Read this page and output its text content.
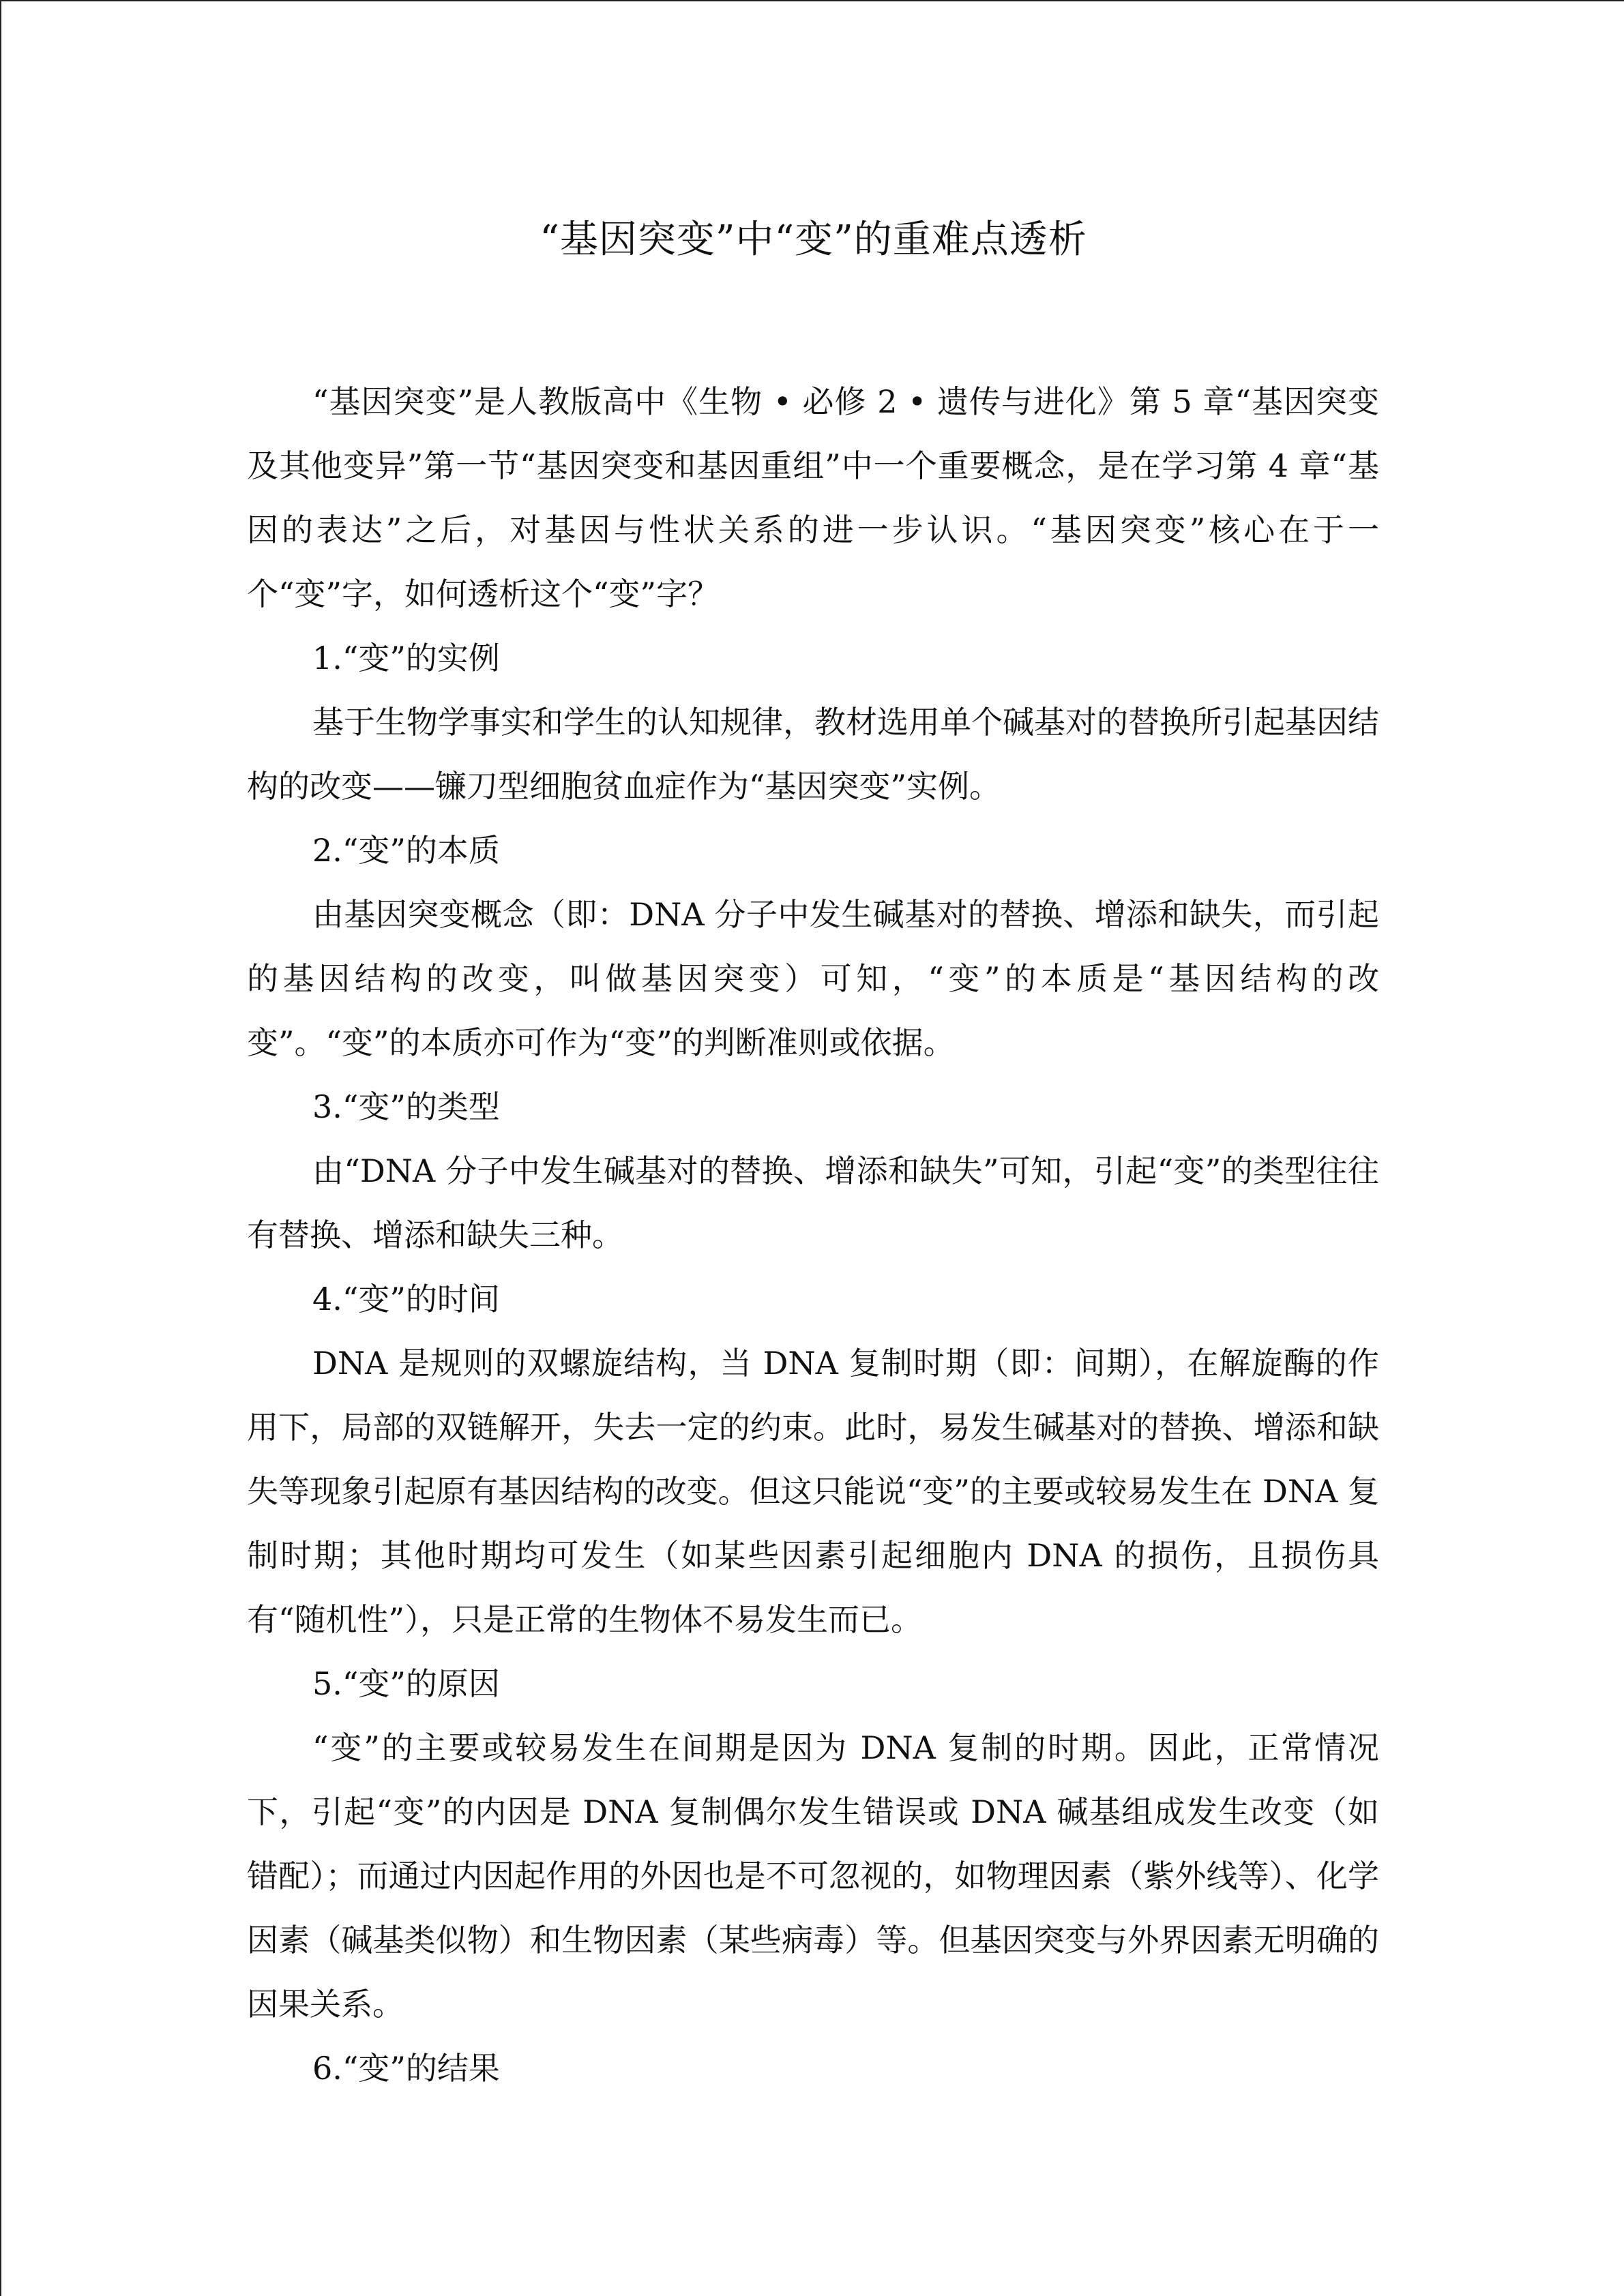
“基因突变”中“变”的重难点透析

“基因突变”是人教版高中《生物 • 必修 2 • 遗传与进化》第 5 章“基因突变及其他变异”第一节“基因突变和基因重组”中一个重要概念，是在学习第 4 章“基因的表达”之后，对基因与性状关系的进一步认识。“基因突变”核心在于一个“变”字，如何透析这个“变”字？

1.“变”的实例

基于生物学事实和学生的认知规律，教材选用单个碱基对的替换所引起基因结构的改变——镰刀型细胞贫血症作为“基因突变”实例。

2.“变”的本质

由基因突变概念（即：DNA 分子中发生碱基对的替换、增添和缺失，而引起的基因结构的改变，叫做基因突变）可知，“变”的本质是“基因结构的改变”。“变”的本质亦可作为“变”的判断准则或依据。

3.“变”的类型

由“DNA 分子中发生碱基对的替换、增添和缺失”可知，引起“变”的类型往往有替换、增添和缺失三种。

4.“变”的时间

DNA 是规则的双螺旋结构，当 DNA 复制时期（即：间期），在解旋酶的作用下，局部的双链解开，失去一定的约束。此时，易发生碱基对的替换、增添和缺失等现象引起原有基因结构的改变。但这只能说“变”的主要或较易发生在 DNA 复制时期；其他时期均可发生（如某些因素引起细胞内 DNA 的损伤，且损伤具有“随机性”），只是正常的生物体不易发生而已。

5.“变”的原因

“变”的主要或较易发生在间期是因为 DNA 复制的时期。因此，正常情况下，引起“变”的内因是 DNA 复制偶尔发生错误或 DNA 碱基组成发生改变（如错配）；而通过内因起作用的外因也是不可忽视的，如物理因素（紫外线等）、化学因素（碱基类似物）和生物因素（某些病毒）等。但基因突变与外界因素无明确的因果关系。

6.“变”的结果
